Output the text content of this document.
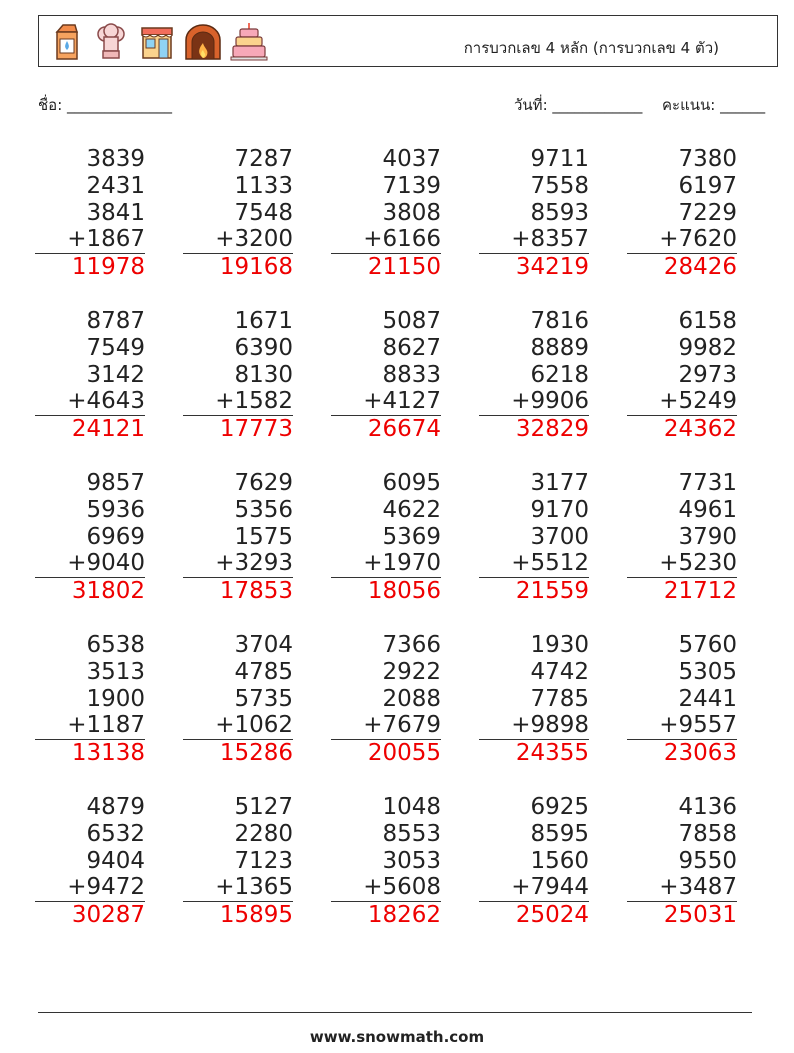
การบวกเลข 4 หลัก (การบวกเลข 4 ตัว)
ชื่อ: ______________	วันที่: ____________ คะแนน: ______
3839
2431
3841
+1867
11978
7287
1133
7548
+3200
19168
4037
7139
3808
+6166
21150
9711
7558
8593
+8357
34219
7380
6197
7229
+7620
28426
8787
7549
3142
+4643
24121
1671
6390
8130
+1582
17773
5087
8627
8833
+4127
26674
7816
8889
6218
+9906
32829
6158
9982
2973
+5249
24362
9857
5936
6969
+9040
31802
7629
5356
1575
+3293
17853
6095
4622
5369
+1970
18056
3177
9170
3700
+5512
21559
7731
4961
3790
+5230
21712
6538
3513
1900
+1187
13138
3704
4785
5735
+1062
15286
7366
2922
2088
+7679
20055
1930
4742
7785
+9898
24355
5760
5305
2441
+9557
23063
4879
6532
9404
+9472
30287
5127
2280
7123
+1365
15895
1048
8553
3053
+5608
18262
6925
8595
1560
+7944
25024
4136
7858
9550
+3487
25031
www.snowmath.com
